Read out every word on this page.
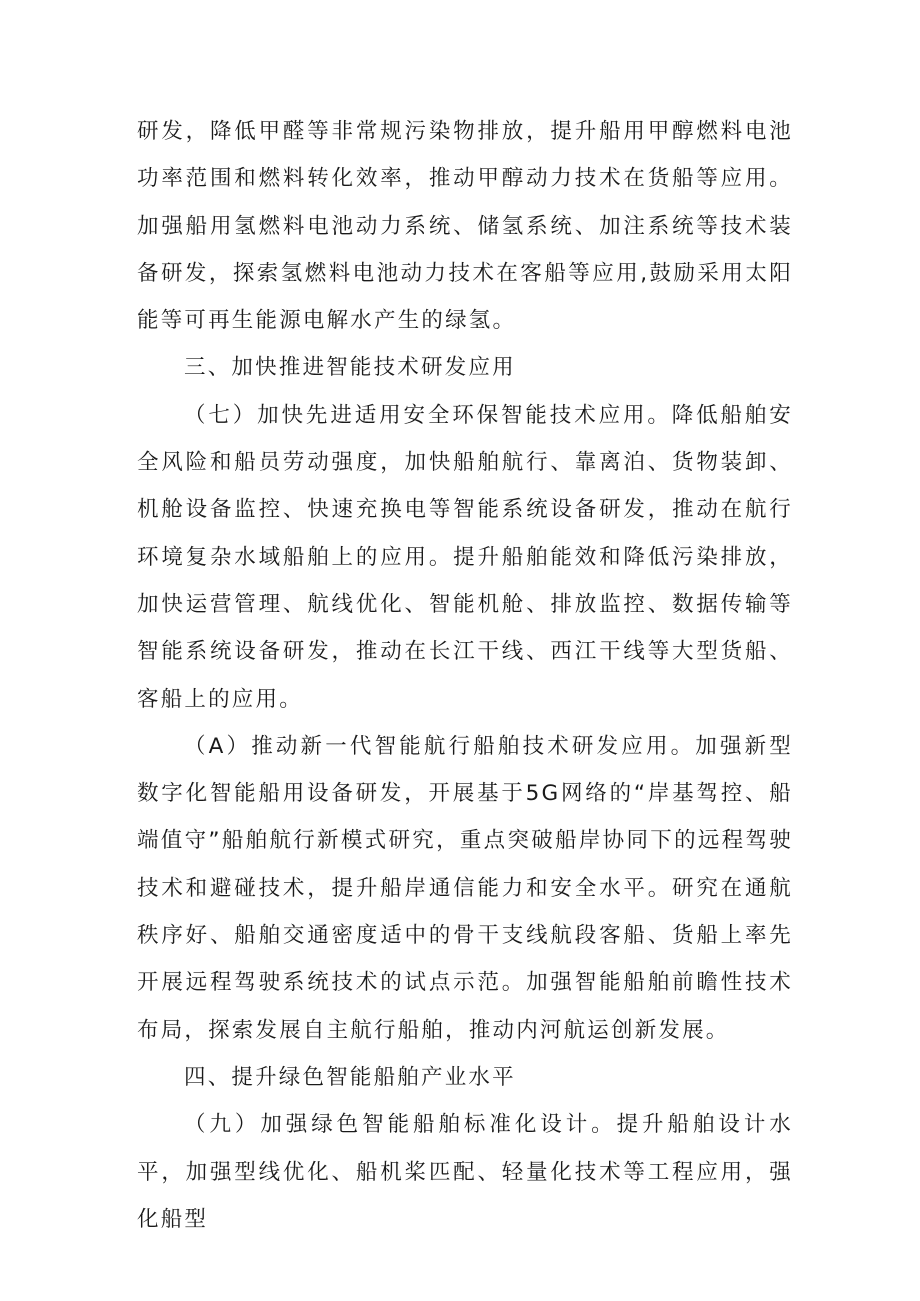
研发，降低甲醛等非常规污染物排放，提升船用甲醇燃料电池功率范围和燃料转化效率，推动甲醇动力技术在货船等应用。加强船用氢燃料电池动力系统、储氢系统、加注系统等技术装备研发，探索氢燃料电池动力技术在客船等应用,鼓励采用太阳能等可再生能源电解水产生的绿氢。

三、加快推进智能技术研发应用

（七）加快先进适用安全环保智能技术应用。降低船舶安全风险和船员劳动强度，加快船舶航行、靠离泊、货物装卸、机舱设备监控、快速充换电等智能系统设备研发，推动在航行环境复杂水域船舶上的应用。提升船舶能效和降低污染排放，加快运营管理、航线优化、智能机舱、排放监控、数据传输等智能系统设备研发，推动在长江干线、西江干线等大型货船、客船上的应用。

（A）推动新一代智能航行船舶技术研发应用。加强新型数字化智能船用设备研发，开展基于5G网络的“岸基驾控、船端值守”船舶航行新模式研究，重点突破船岸协同下的远程驾驶技术和避碰技术，提升船岸通信能力和安全水平。研究在通航秩序好、船舶交通密度适中的骨干支线航段客船、货船上率先开展远程驾驶系统技术的试点示范。加强智能船舶前瞻性技术布局，探索发展自主航行船舶，推动内河航运创新发展。

四、提升绿色智能船舶产业水平

（九）加强绿色智能船舶标准化设计。提升船舶设计水平，加强型线优化、船机桨匹配、轻量化技术等工程应用，强化船型
